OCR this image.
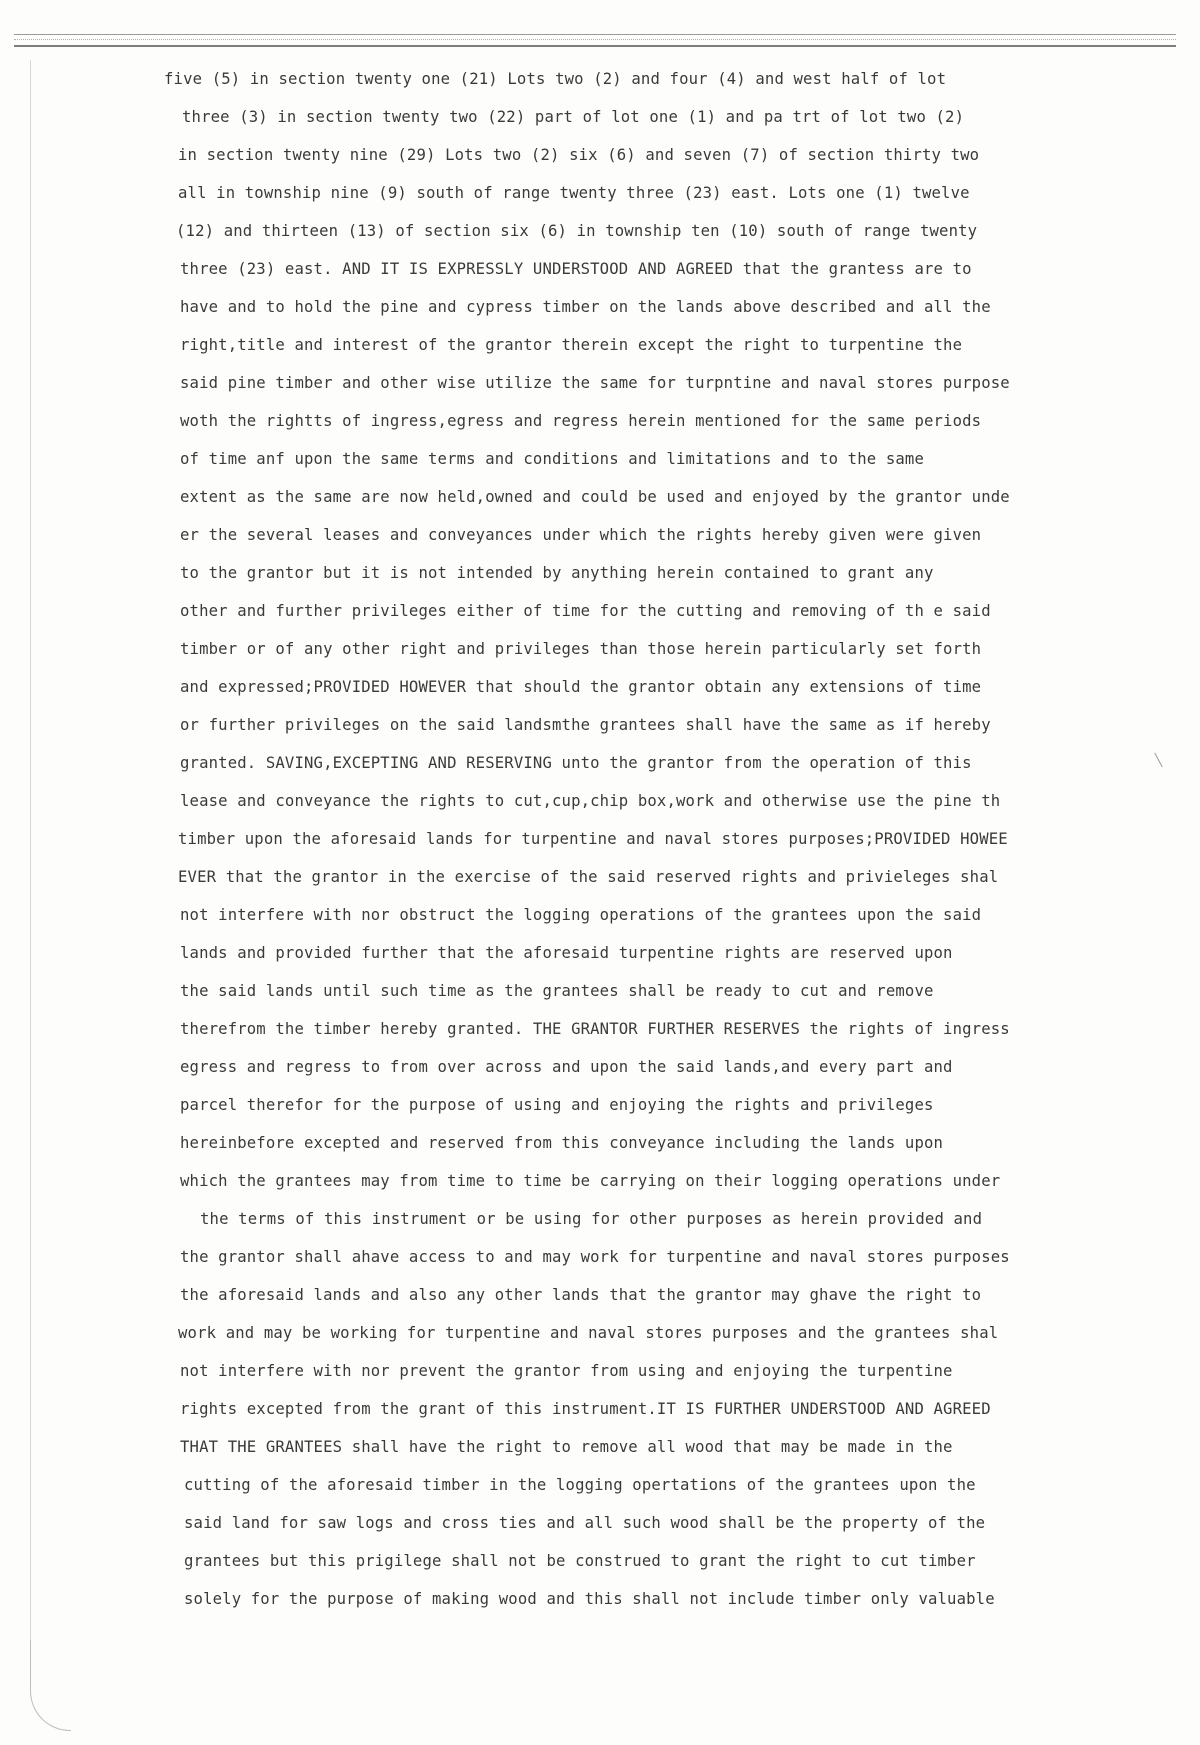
five (5) in section twenty one (21) Lots two (2) and four (4) and west half of lot
three (3) in section twenty two (22) part of lot one (1) and pa trt of lot two (2)
in section twenty nine (29) Lots two (2) six (6) and seven (7) of section thirty two
all in township nine (9) south of range twenty three (23) east. Lots one (1) twelve
(12) and thirteen (13) of section six (6) in township ten (10) south of range twenty
three (23) east. AND IT IS EXPRESSLY UNDERSTOOD AND AGREED that the grantess are to
have and to hold the pine and cypress timber on the lands above described and all the
right,title and interest of the grantor therein except the right to turpentine the
said pine timber and other wise utilize the same for turpntine and naval stores purpose
woth the rightts of ingress,egress and regress herein mentioned for the same periods
of time anf upon the same terms and conditions and limitations and to the same
extent as the same are now held,owned and could be used and enjoyed by the grantor unde
er the several leases and conveyances under which the rights hereby given were given
to the grantor but it is not intended by anything herein contained to grant any
other and further privileges either of time for the cutting and removing of th e said
timber or of any other right and privileges than those herein particularly set forth
and expressed;PROVIDED HOWEVER that should the grantor obtain any extensions of time
or further privileges on the said landsmthe grantees shall have the same as if hereby
granted. SAVING,EXCEPTING AND RESERVING unto the grantor from the operation of this
lease and conveyance the rights to cut,cup,chip box,work and otherwise use the pine th
timber upon the aforesaid lands for turpentine and naval stores purposes;PROVIDED HOWEE
EVER that the grantor in the exercise of the said reserved rights and privieleges shal
not interfere with nor obstruct the logging operations of the grantees upon the said
lands and provided further that the aforesaid turpentine rights are reserved upon
the said lands until such time as the grantees shall be ready to cut and remove
therefrom the timber hereby granted. THE GRANTOR FURTHER RESERVES the rights of ingress
egress and regress to from over across and upon the said lands,and every part and
parcel therefor for the purpose of using and enjoying the rights and privileges
hereinbefore excepted and reserved from this conveyance including the lands upon
which the grantees may from time to time be carrying on their logging operations under
the terms of this instrument or be using for other purposes as herein provided and
the grantor shall ahave access to and may work for turpentine and naval stores purposes
the aforesaid lands and also any other lands that the grantor may ghave the right to
work and may be working for turpentine and naval stores purposes and the grantees shal
not interfere with nor prevent the grantor from using and enjoying the turpentine
rights excepted from the grant of this instrument.IT IS FURTHER UNDERSTOOD AND AGREED
THAT THE GRANTEES shall have the right to remove all wood that may be made in the
cutting of the aforesaid timber in the logging opertations of the grantees upon the
said land for saw logs and cross ties and all such wood shall be the property of the
grantees but this prigilege shall not be construed to grant the right to cut timber
solely for the purpose of making wood and this shall not include timber only valuable
